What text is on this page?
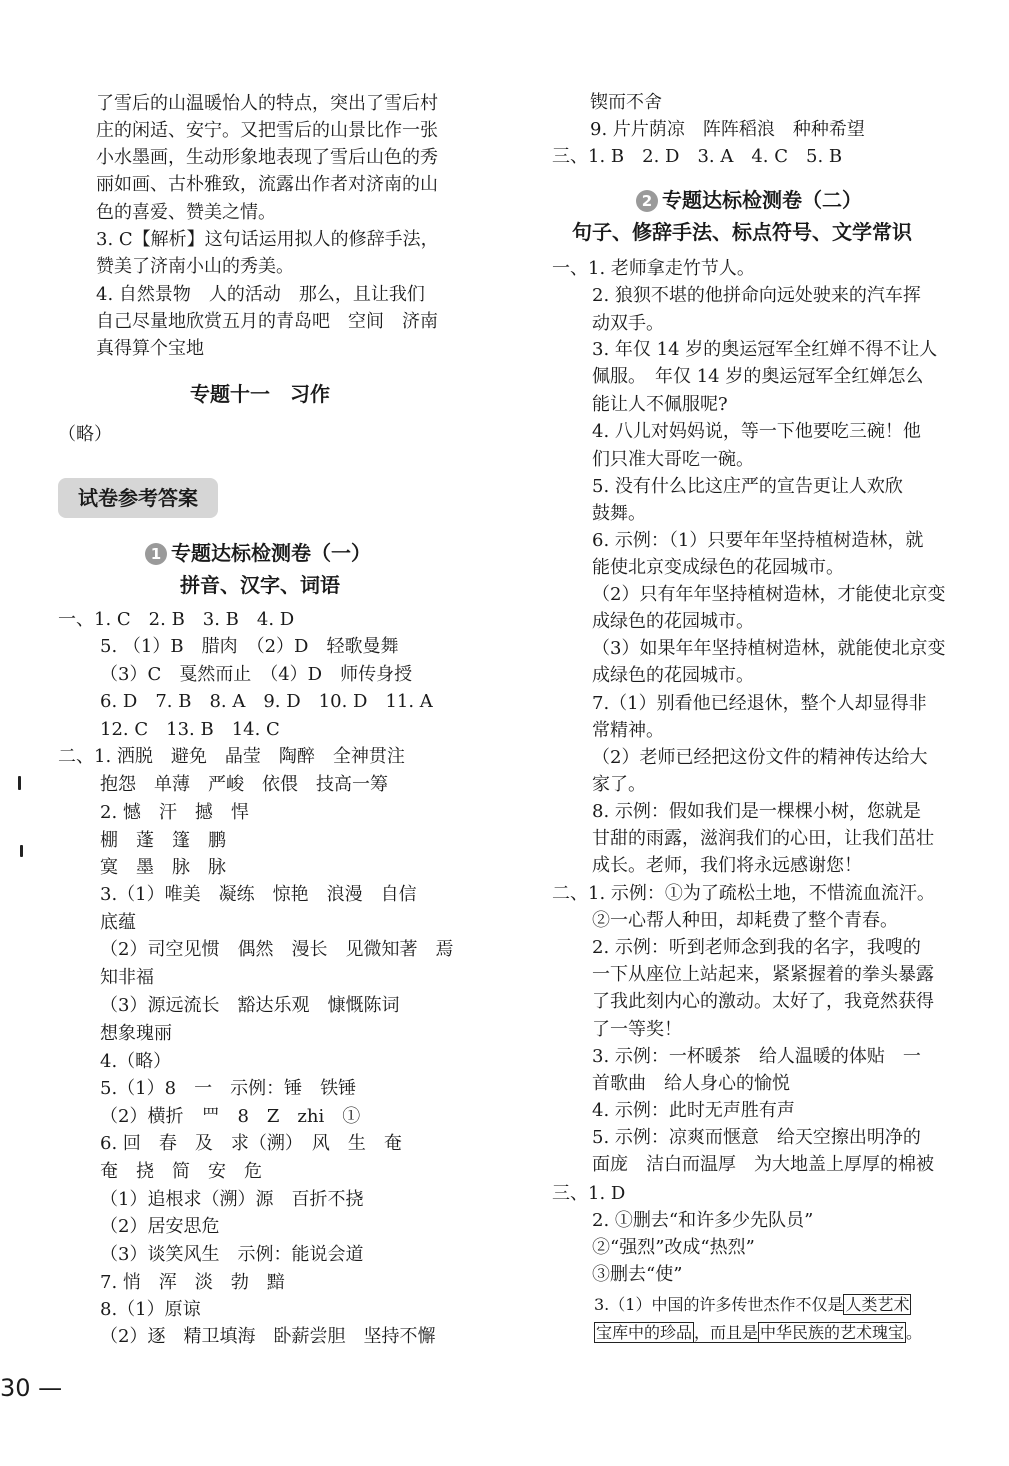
了雪后的山温暖怡人的特点，突出了雪后村
庄的闲适、安宁。又把雪后的山景比作一张
小水墨画，生动形象地表现了雪后山色的秀
丽如画、古朴雅致，流露出作者对济南的山
色的喜爱、赞美之情。
3. C【解析】这句话运用拟人的修辞手法，
赞美了济南小山的秀美。
4. 自然景物　人的活动　那么，且让我们
自己尽量地欣赏五月的青岛吧　空间　济南
真得算个宝地
专题十一　习作
（略）
试卷参考答案
1 专题达标检测卷（一）
拼音、汉字、词语
一、1. C　2. B　3. B　4. D
5. （1）B　腊肉　（2）D　轻歌曼舞
（3）C　戛然而止　（4）D　师传身授
6. D　7. B　8. A　9. D　10. D　11. A
12. C　13. B　14. C
二、1. 洒脱　避免　晶莹　陶醉　全神贯注
抱怨　单薄　严峻　依偎　技高一筹
2. 憾　汗　撼　悍
棚　蓬　篷　鹏
寞　墨　脉　脉
3.（1）唯美　凝练　惊艳　浪漫　自信
底蕴
（2）司空见惯　偶然　漫长　见微知著　焉
知非福
（3）源远流长　豁达乐观　慷慨陈词
想象瑰丽
4.（略）
5.（1）8　一　示例：锤　铁锤
（2）横折　罒　8　Z　zhi　①
6. 回　春　及　求（溯）　风　生　奄
奄　挠　简　安　危
（1）追根求（溯）源　百折不挠
（2）居安思危
（3）谈笑风生　示例：能说会道
7. 悄　浑　淡　勃　黯
8.（1）原谅
（2）逐　精卫填海　卧薪尝胆　坚持不懈
锲而不舍
9. 片片荫凉　阵阵稻浪　种种希望
三、1. B　2. D　3. A　4. C　5. B
2 专题达标检测卷（二）
句子、修辞手法、标点符号、文学常识
一、1. 老师拿走竹节人。
2. 狼狈不堪的他拼命向远处驶来的汽车挥
动双手。
3. 年仅 14 岁的奥运冠军全红婵不得不让人
佩服。　年仅 14 岁的奥运冠军全红婵怎么
能让人不佩服呢?
4. 八儿对妈妈说，等一下他要吃三碗！他
们只准大哥吃一碗。
5. 没有什么比这庄严的宣告更让人欢欣
鼓舞。
6. 示例：（1）只要年年坚持植树造林，就
能使北京变成绿色的花园城市。
（2）只有年年坚持植树造林，才能使北京变
成绿色的花园城市。
（3）如果年年坚持植树造林，就能使北京变
成绿色的花园城市。
7.（1）别看他已经退休，整个人却显得非
常精神。
（2）老师已经把这份文件的精神传达给大
家了。
8. 示例：假如我们是一棵棵小树，您就是
甘甜的雨露，滋润我们的心田，让我们茁壮
成长。老师，我们将永远感谢您！
二、1. 示例：①为了疏松土地，不惜流血流汗。
②一心帮人种田，却耗费了整个青春。
2. 示例：听到老师念到我的名字，我嗖的
一下从座位上站起来，紧紧握着的拳头暴露
了我此刻内心的激动。太好了，我竟然获得
了一等奖！
3. 示例：一杯暖茶　给人温暖的体贴　一
首歌曲　给人身心的愉悦
4. 示例：此时无声胜有声
5. 示例：凉爽而惬意　给天空擦出明净的
面庞　洁白而温厚　为大地盖上厚厚的棉被
三、1. D
2. ①删去“和许多少先队员”
②“强烈”改成“热烈”
③删去“使”
3.（1）中国的许多传世杰作不仅是 人类艺术
宝库中的珍品 ，而且是 中华民族的艺术瑰宝 。
30 —
